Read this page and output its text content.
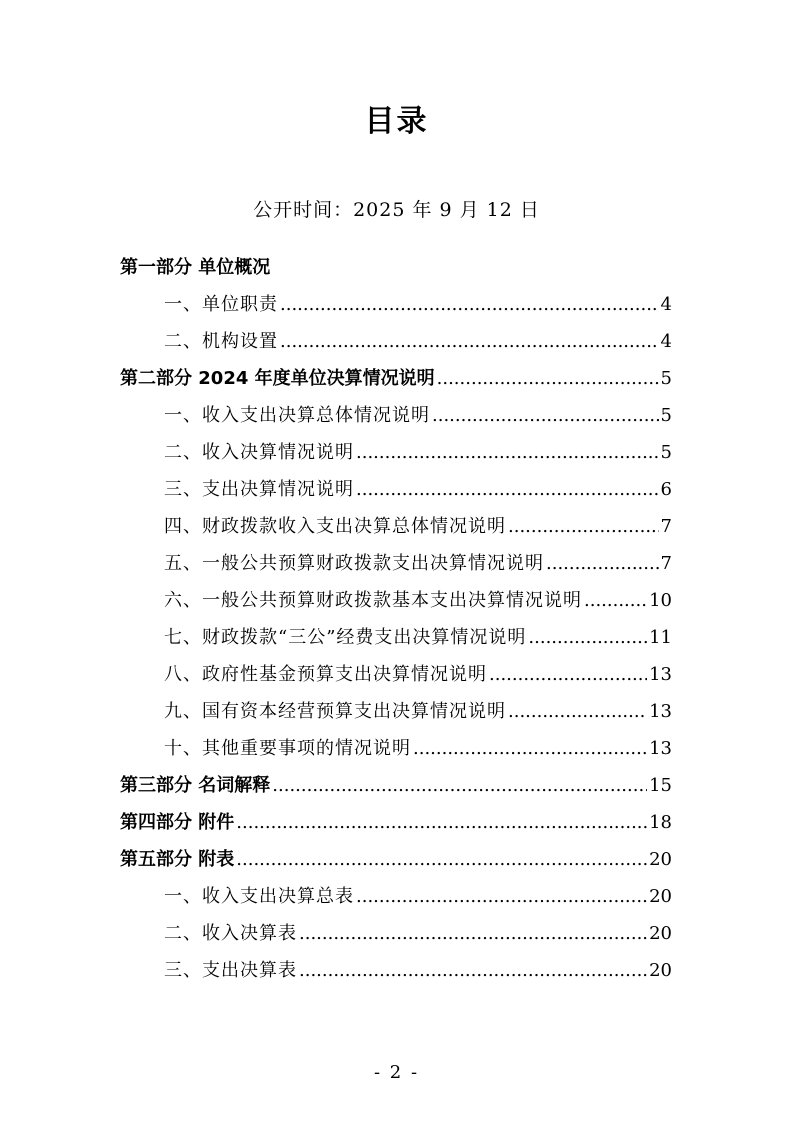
目录
公开时间：2025 年 9 月 12 日
第一部分 单位概况
一、单位职责 .....	4
二、机构设置 .....	4
第二部分 2024 年度单位决算情况说明 .....	5
一、收入支出决算总体情况说明 .....	5
二、收入决算情况说明 .....	5
三、支出决算情况说明 .....	6
四、财政拨款收入支出决算总体情况说明 .....	7
五、一般公共预算财政拨款支出决算情况说明 .....	7
六、一般公共预算财政拨款基本支出决算情况说明 .....	10
七、财政拨款“三公”经费支出决算情况说明 .....	11
八、政府性基金预算支出决算情况说明 .....	13
九、国有资本经营预算支出决算情况说明 .....	13
十、其他重要事项的情况说明 .....	13
第三部分 名词解释 .....	15
第四部分 附件 .....	18
第五部分 附表 .....	20
一、收入支出决算总表 .....	20
二、收入决算表 .....	20
三、支出决算表 .....	20
- 2 -
